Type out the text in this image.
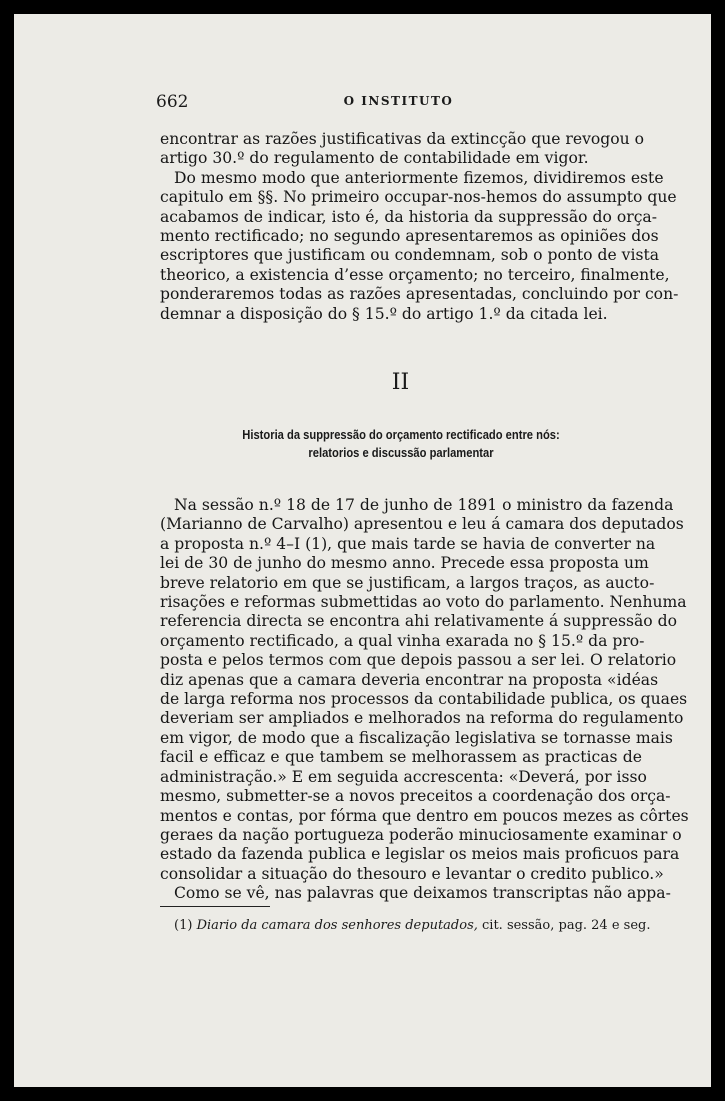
662	O INSTITUTO
encontrar as razões justificativas da extincção que revogou o
artigo 30.º do regulamento de contabilidade em vigor.
Do mesmo modo que anteriormente fizemos, dividiremos este
capitulo em §§. No primeiro occupar-nos-hemos do assumpto que
acabamos de indicar, isto é, da historia da suppressão do orça-
mento rectificado; no segundo apresentaremos as opiniões dos
escriptores que justificam ou condemnam, sob o ponto de vista
theorico, a existencia d’esse orçamento; no terceiro, finalmente,
ponderaremos todas as razões apresentadas, concluindo por con-
demnar a disposição do § 15.º do artigo 1.º da citada lei.
II
Historia da suppressão do orçamento rectificado entre nós:
relatorios e discussão parlamentar
Na sessão n.º 18 de 17 de junho de 1891 o ministro da fazenda
(Marianno de Carvalho) apresentou e leu á camara dos deputados
a proposta n.º 4–I (1), que mais tarde se havia de converter na
lei de 30 de junho do mesmo anno. Precede essa proposta um
breve relatorio em que se justificam, a largos traços, as aucto-
risações e reformas submettidas ao voto do parlamento. Nenhuma
referencia directa se encontra ahi relativamente á suppressão do
orçamento rectificado, a qual vinha exarada no § 15.º da pro-
posta e pelos termos com que depois passou a ser lei. O relatorio
diz apenas que a camara deveria encontrar na proposta «idéas
de larga reforma nos processos da contabilidade publica, os quaes
deveriam ser ampliados e melhorados na reforma do regulamento
em vigor, de modo que a fiscalização legislativa se tornasse mais
facil e efficaz e que tambem se melhorassem as practicas de
administração.» E em seguida accrescenta: «Deverá, por isso
mesmo, submetter-se a novos preceitos a coordenação dos orça-
mentos e contas, por fórma que dentro em poucos mezes as côrtes
geraes da nação portugueza poderão minuciosamente examinar o
estado da fazenda publica e legislar os meios mais proficuos para
consolidar a situação do thesouro e levantar o credito publico.»
Como se vê, nas palavras que deixamos transcriptas não appa-
(1) Diario da camara dos senhores deputados, cit. sessão, pag. 24 e seg.
